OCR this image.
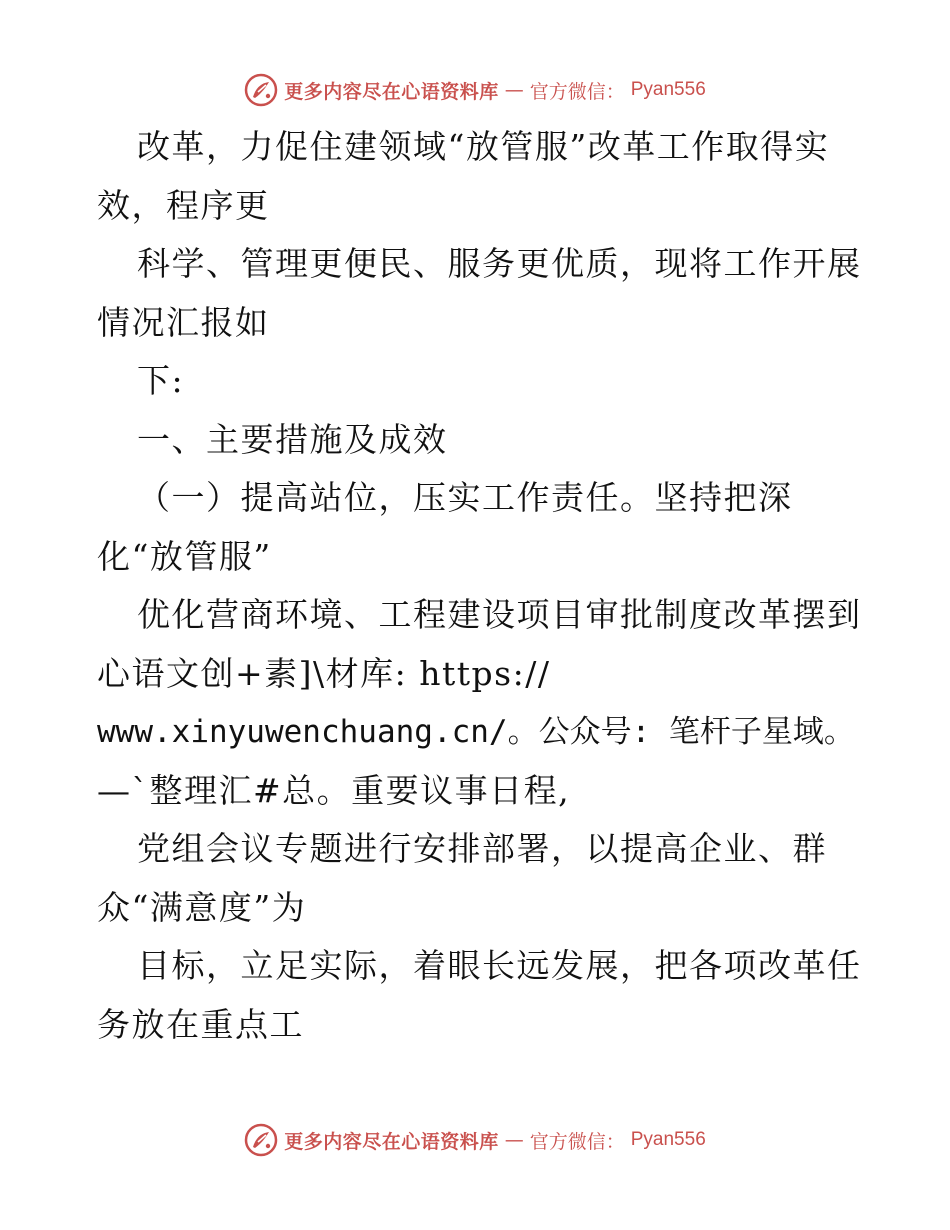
更多内容尽在心语资料库 — 官方微信： Pyan556
改革，力促住建领域“放管服”改革工作取得实
效，程序更
科学、管理更便民、服务更优质，现将工作开展
情况汇报如
下:
一、主要措施及成效
（一）提高站位，压实工作责任。坚持把深
化“放管服”
优化营商环境、工程建设项目审批制度改革摆到
心语文创+素]\材库: https://
www.xinyuwenchuang.cn/。公众号: 笔杆子星域。
—`整理汇#总。重要议事日程,
党组会议专题进行安排部署，以提高企业、群
众“满意度”为
目标，立足实际，着眼长远发展，把各项改革任
务放在重点工
更多内容尽在心语资料库 — 官方微信： Pyan556
